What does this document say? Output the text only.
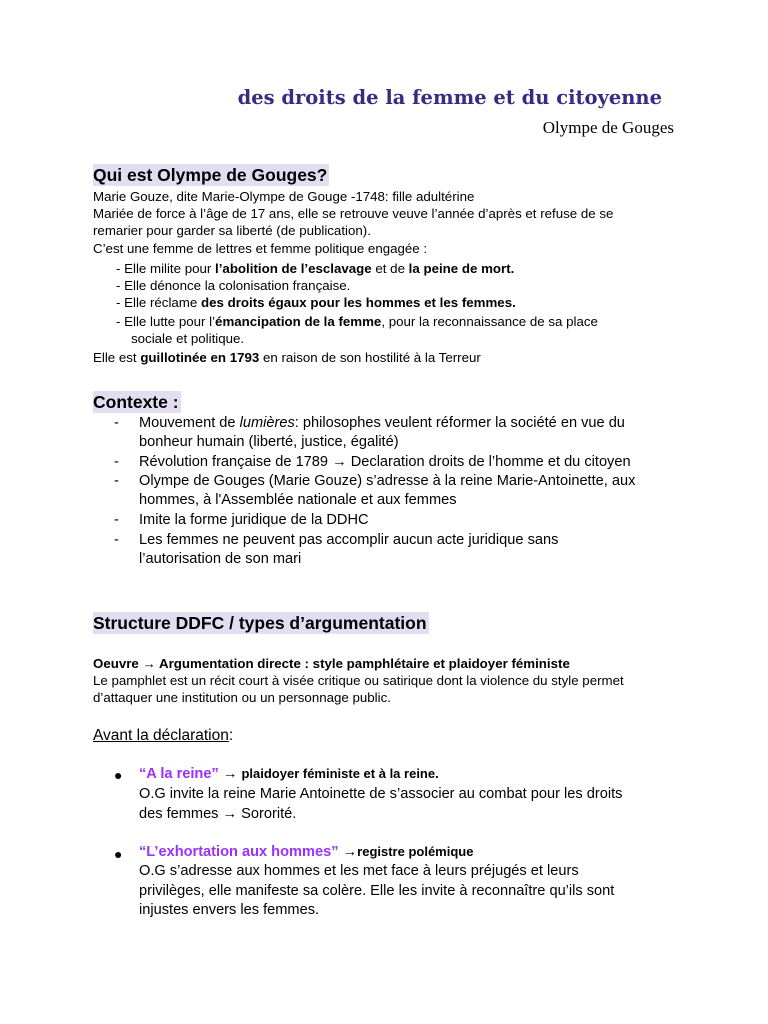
des droits de la femme et du citoyenne
Olympe de Gouges
Qui est Olympe de Gouges?
Marie Gouze, dite Marie-Olympe de Gouge -1748: fille adultérine
Mariée de force à l’âge de 17 ans, elle se retrouve veuve l’année d’après et refuse de se
remarier pour garder sa liberté (de publication).
C’est une femme de lettres et femme politique engagée :
- Elle milite pour l’abolition de l’esclavage et de la peine de mort.
- Elle dénonce la colonisation française.
- Elle réclame des droits égaux pour les hommes et les femmes.
- Elle lutte pour l’émancipation de la femme, pour la reconnaissance de sa place
sociale et politique.
Elle est guillotinée en 1793 en raison de son hostilité à la Terreur
Contexte :
- Mouvement de lumières: philosophes veulent réformer la société en vue du
bonheur humain (liberté, justice, égalité)
- Révolution française de 1789 → Declaration droits de l’homme et du citoyen
- Olympe de Gouges (Marie Gouze) s’adresse à la reine Marie-Antoinette, aux
hommes, à l'Assemblée nationale et aux femmes
- Imite la forme juridique de la DDHC
- Les femmes ne peuvent pas accomplir aucun acte juridique sans
l’autorisation de son mari
Structure DDFC / types d’argumentation
Oeuvre → Argumentation directe : style pamphlétaire et plaidoyer féministe
Le pamphlet est un récit court à visée critique ou satirique dont la violence du style permet
d’attaquer une institution ou un personnage public.
Avant la déclaration:
● “A la reine” → plaidoyer féministe et à la reine.
O.G invite la reine Marie Antoinette de s’associer au combat pour les droits
des femmes → Sororité.
● “L’exhortation aux hommes” →registre polémique
O.G s’adresse aux hommes et les met face à leurs préjugés et leurs
privilèges, elle manifeste sa colère. Elle les invite à reconnaître qu’ils sont
injustes envers les femmes.
